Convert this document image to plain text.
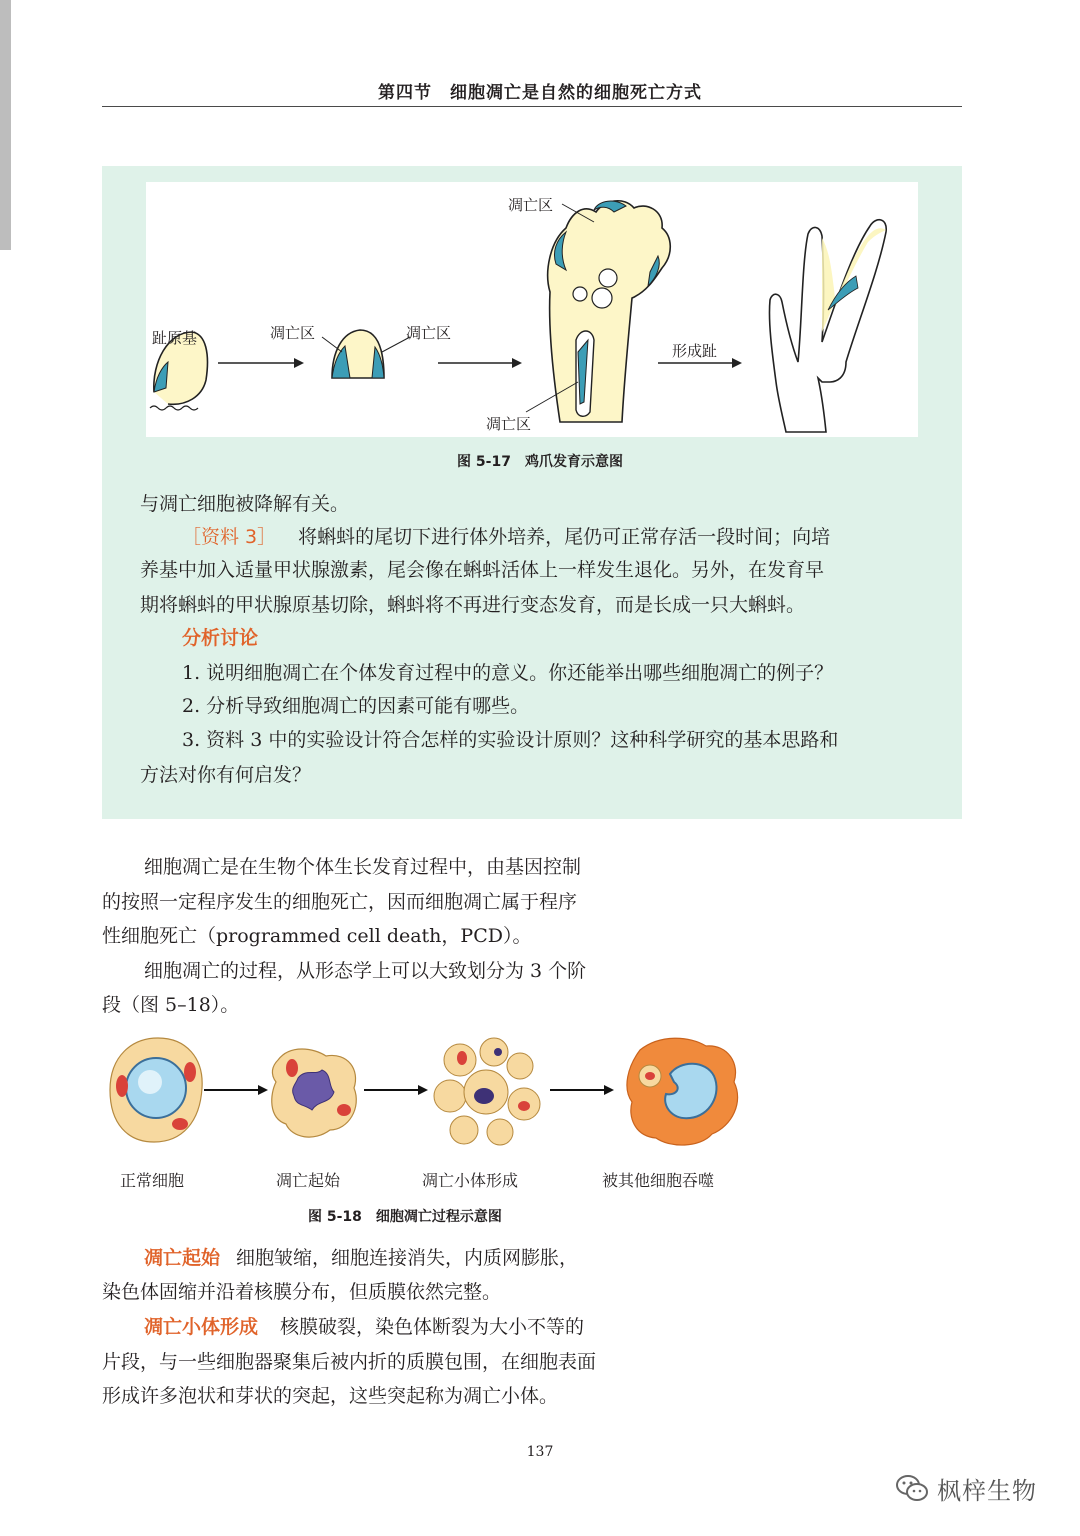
第四节　细胞凋亡是自然的细胞死亡方式
趾原基	凋亡区	凋亡区
凋亡区
凋亡区
形成趾
图 5-17　鸡爪发育示意图
与凋亡细胞被降解有关。
［资料 3］ 将蝌蚪的尾切下进行体外培养，尾仍可正常存活一段时间；向培
养基中加入适量甲状腺激素，尾会像在蝌蚪活体上一样发生退化。另外，在发育早
期将蝌蚪的甲状腺原基切除，蝌蚪将不再进行变态发育，而是长成一只大蝌蚪。
分析讨论
1. 说明细胞凋亡在个体发育过程中的意义。你还能举出哪些细胞凋亡的例子？
2. 分析导致细胞凋亡的因素可能有哪些。
3. 资料 3 中的实验设计符合怎样的实验设计原则？这种科学研究的基本思路和
方法对你有何启发？
细胞凋亡是在生物个体生长发育过程中，由基因控制
的按照一定程序发生的细胞死亡，因而细胞凋亡属于程序
性细胞死亡（programmed cell death，PCD）。
细胞凋亡的过程，从形态学上可以大致划分为 3 个阶
段（图 5–18）。
正常细胞	凋亡起始	凋亡小体形成	被其他细胞吞噬
图 5-18　细胞凋亡过程示意图
凋亡起始 细胞皱缩，细胞连接消失，内质网膨胀，
染色体固缩并沿着核膜分布，但质膜依然完整。
凋亡小体形成 核膜破裂，染色体断裂为大小不等的
片段，与一些细胞器聚集后被内折的质膜包围，在细胞表面
形成许多泡状和芽状的突起，这些突起称为凋亡小体。
137
枫梓生物
